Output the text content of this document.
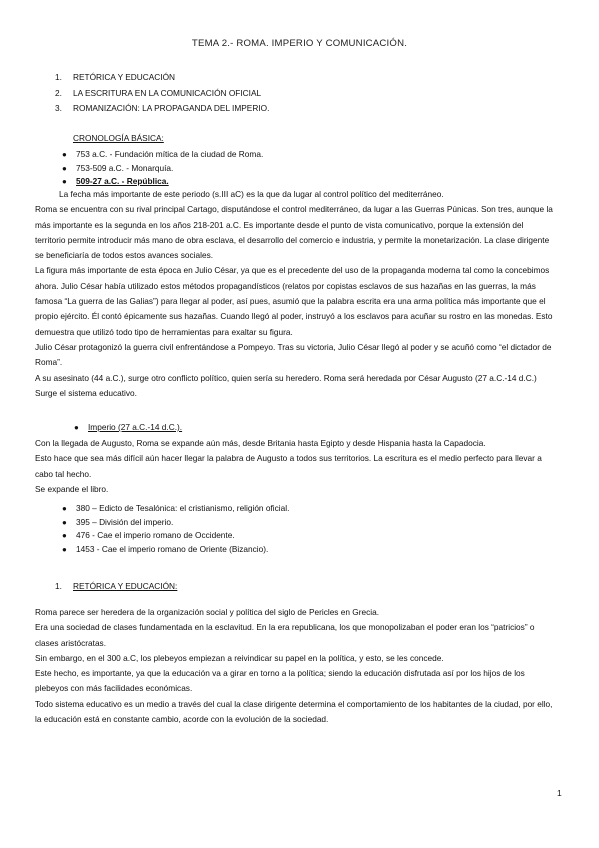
TEMA 2.- ROMA. IMPERIO Y COMUNICACIÓN.
1.	RETÓRICA Y EDUCACIÓN
2.	LA ESCRITURA EN LA COMUNICACIÓN OFICIAL
3.	ROMANIZACIÓN: LA PROPAGANDA DEL IMPERIO.
CRONOLOGÍA BÁSICA:
●	753 a.C. - Fundación mítica de la ciudad de Roma.
●	753-509 a.C. - Monarquía.
●	509-27 a.C. - República.

La fecha más importante de este periodo (s.III aC) es la que da lugar al control político del mediterráneo.

Roma se encuentra con su rival principal Cartago, disputándose el control mediterráneo, da lugar a las Guerras Púnicas. Son tres, aunque la más importante es la segunda en los años 218-201 a.C. Es importante desde el punto de vista comunicativo, porque la extensión del territorio permite introducir más mano de obra esclava, el desarrollo del comercio e industria, y permite la monetarización. La clase dirigente se beneficiaría de todos estos avances sociales.

La figura más importante de esta época en Julio César, ya que es el precedente del uso de la propaganda moderna tal como la concebimos ahora. Julio César había utilizado estos métodos propagandísticos (relatos por copistas esclavos de sus hazañas en las guerras, la más famosa “La guerra de las Galias”) para llegar al poder, así pues, asumió que la palabra escrita era una arma política más importante que el propio ejército. Él contó épicamente sus hazañas. Cuando llegó al poder, instruyó a los esclavos para acuñar su rostro en las monedas. Esto demuestra que utilizó todo tipo de herramientas para exaltar su figura.

Julio César protagonizó la guerra civil enfrentándose a Pompeyo. Tras su victoria, Julio César llegó al poder y se acuñó como “el dictador de Roma”.

A su asesinato (44 a.C.), surge otro conflicto político, quien sería su heredero. Roma será heredada por César Augusto (27 a.C.-14 d.C.)

Surge el sistema educativo.

●	Imperio (27 a.C.-14 d.C.).

Con la llegada de Augusto, Roma se expande aún más, desde Britania hasta Egipto y desde Hispania hasta la Capadocia.

Esto hace que sea más difícil aún hacer llegar la palabra de Augusto a todos sus territorios. La escritura es el medio perfecto para llevar a cabo tal hecho.

Se expande el libro.

●	380 – Edicto de Tesalónica: el cristianismo, religión oficial.
●	395 – División del imperio.
●	476 - Cae el imperio romano de Occidente.
●	1453 - Cae el imperio romano de Oriente (Bizancio).
1.	RETÓRICA Y EDUCACIÓN:

Roma parece ser heredera de la organización social y política del siglo de Pericles en Grecia.

Era una sociedad de clases fundamentada en la esclavitud. En la era republicana, los que monopolizaban el poder eran los “patricios” o clases aristócratas.

Sin embargo, en el 300 a.C, los plebeyos empiezan a reivindicar su papel en la política, y esto, se les concede.

Este hecho, es importante, ya que la educación va a girar en torno a la política; siendo la educación disfrutada así por los hijos de los plebeyos con más facilidades económicas.

Todo sistema educativo es un medio a través del cual la clase dirigente determina el comportamiento de los habitantes de la ciudad, por ello, la educación está en constante cambio, acorde con la evolución de la sociedad.

1
